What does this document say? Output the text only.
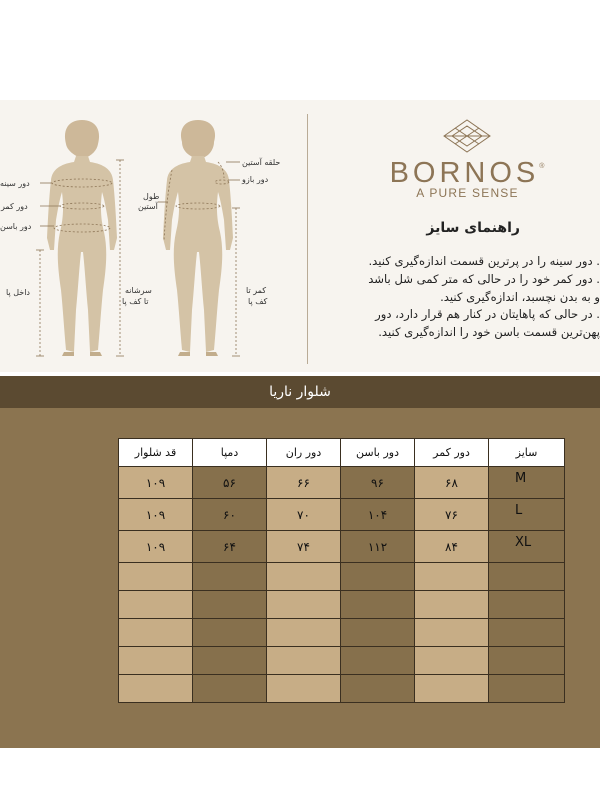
دور سینه
دور کمر
دور باسن
داخل پا	سرشانه
تا کف پا
حلقه آستین
دور بازو
طول
آستین
کمر تا
کف پا
BORNOS®
A PURE SENSE
راهنمای سایز
. دور سینه را در پرترین قسمت اندازه‌گیری کنید.
. دور کمر خود را در حالی که متر کمی شل باشد
و به بدن نچسبد، اندازه‌گیری کنید.
. در حالی که پاهایتان در کنار هم قرار دارد، دور
پهن‌ترین قسمت باسن خود را اندازه‌گیری کنید.
شلوار ناریا
قد شلوار	دمپا	دور ران	دور باسن	دور کمر	سایز
۱۰۹	۵۶	۶۶	۹۶	۶۸	M
۱۰۹	۶۰	۷۰	۱۰۴	۷۶	L
۱۰۹	۶۴	۷۴	۱۱۲	۸۴	XL
